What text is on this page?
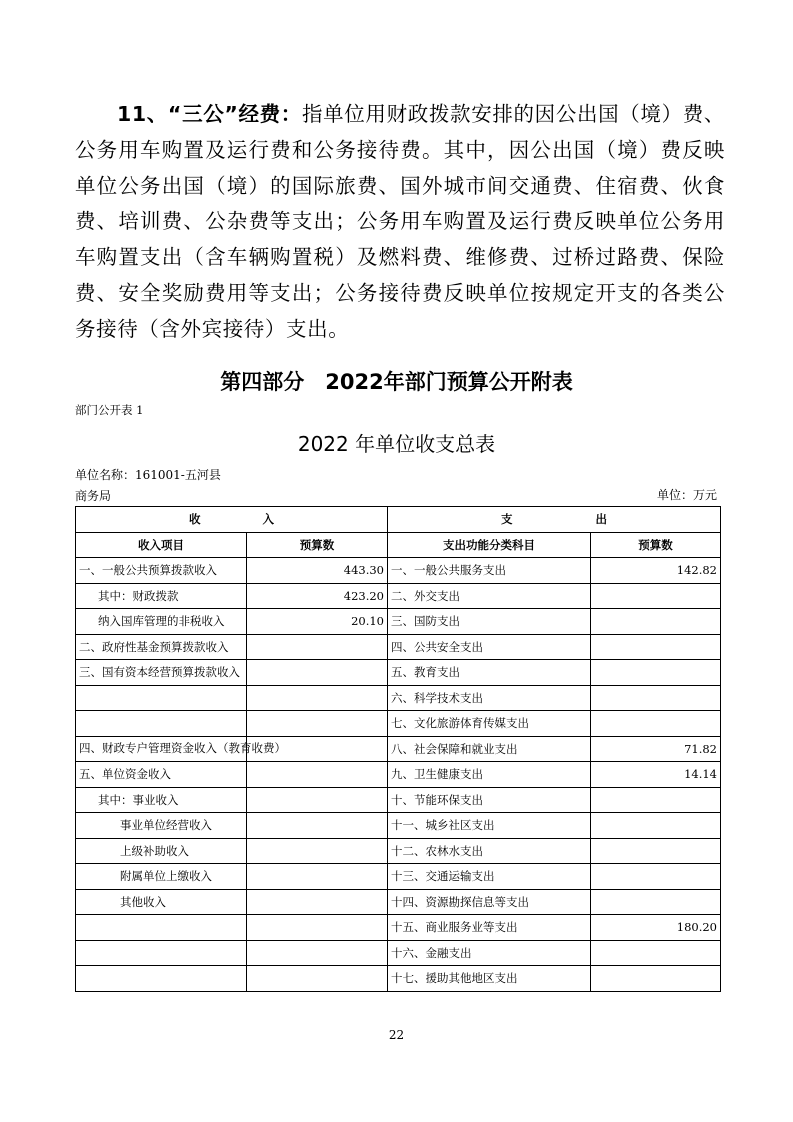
11、“三公”经费：指单位用财政拨款安排的因公出国（境）费、公务用车购置及运行费和公务接待费。其中，因公出国（境）费反映单位公务出国（境）的国际旅费、国外城市间交通费、住宿费、伙食费、培训费、公杂费等支出；公务用车购置及运行费反映单位公务用车购置支出（含车辆购置税）及燃料费、维修费、过桥过路费、保险费、安全奖励费用等支出；公务接待费反映单位按规定开支的各类公务接待（含外宾接待）支出。
第四部分　2022年部门预算公开附表
部门公开表 1
2022 年单位收支总表
单位名称：161001-五河县商务局	单位：万元
收 入		支 出	

收入项目	预算数	支出功能分类科目	预算数
一、一般公共预算拨款收入	443.30	一、一般公共服务支出	142.82
其中：财政拨款	423.20	二、外交支出	
纳入国库管理的非税收入	20.10	三、国防支出	
二、政府性基金预算拨款收入		四、公共安全支出	
三、国有资本经营预算拨款收入		五、教育支出	
		六、科学技术支出	
		七、文化旅游体育传媒支出	
四、财政专户管理资金收入（教育收费）		八、社会保障和就业支出	71.82
五、单位资金收入		九、卫生健康支出	14.14
其中：事业收入		十、节能环保支出	
事业单位经营收入		十一、城乡社区支出	
上级补助收入		十二、农林水支出	
附属单位上缴收入		十三、交通运输支出	
其他收入		十四、资源勘探信息等支出	
		十五、商业服务业等支出	180.20
		十六、金融支出	
		十七、援助其他地区支出	
22
